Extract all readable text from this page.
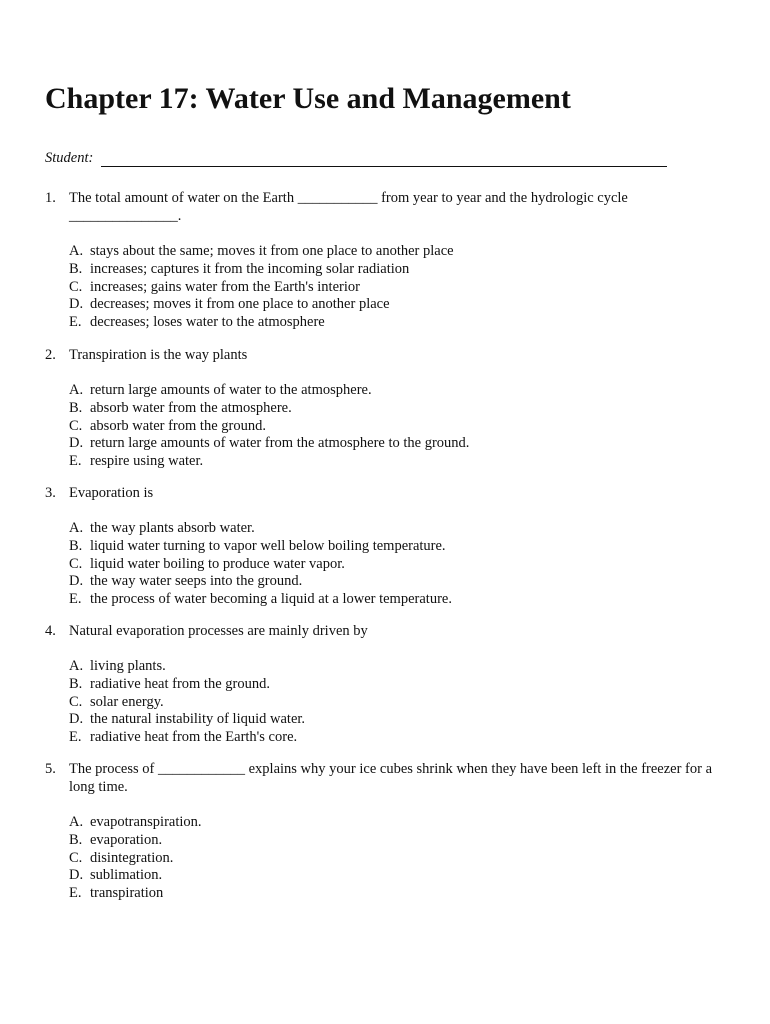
Chapter 17: Water Use and Management
Student:
1. The total amount of water on the Earth ___________ from year to year and the hydrologic cycle _______________.
A. stays about the same; moves it from one place to another place
B. increases; captures it from the incoming solar radiation
C. increases; gains water from the Earth's interior
D. decreases; moves it from one place to another place
E. decreases; loses water to the atmosphere
2. Transpiration is the way plants
A. return large amounts of water to the atmosphere.
B. absorb water from the atmosphere.
C. absorb water from the ground.
D. return large amounts of water from the atmosphere to the ground.
E. respire using water.
3. Evaporation is
A. the way plants absorb water.
B. liquid water turning to vapor well below boiling temperature.
C. liquid water boiling to produce water vapor.
D. the way water seeps into the ground.
E. the process of water becoming a liquid at a lower temperature.
4. Natural evaporation processes are mainly driven by
A. living plants.
B. radiative heat from the ground.
C. solar energy.
D. the natural instability of liquid water.
E. radiative heat from the Earth's core.
5. The process of ____________ explains why your ice cubes shrink when they have been left in the freezer for a long time.
A. evapotranspiration.
B. evaporation.
C. disintegration.
D. sublimation.
E. transpiration
